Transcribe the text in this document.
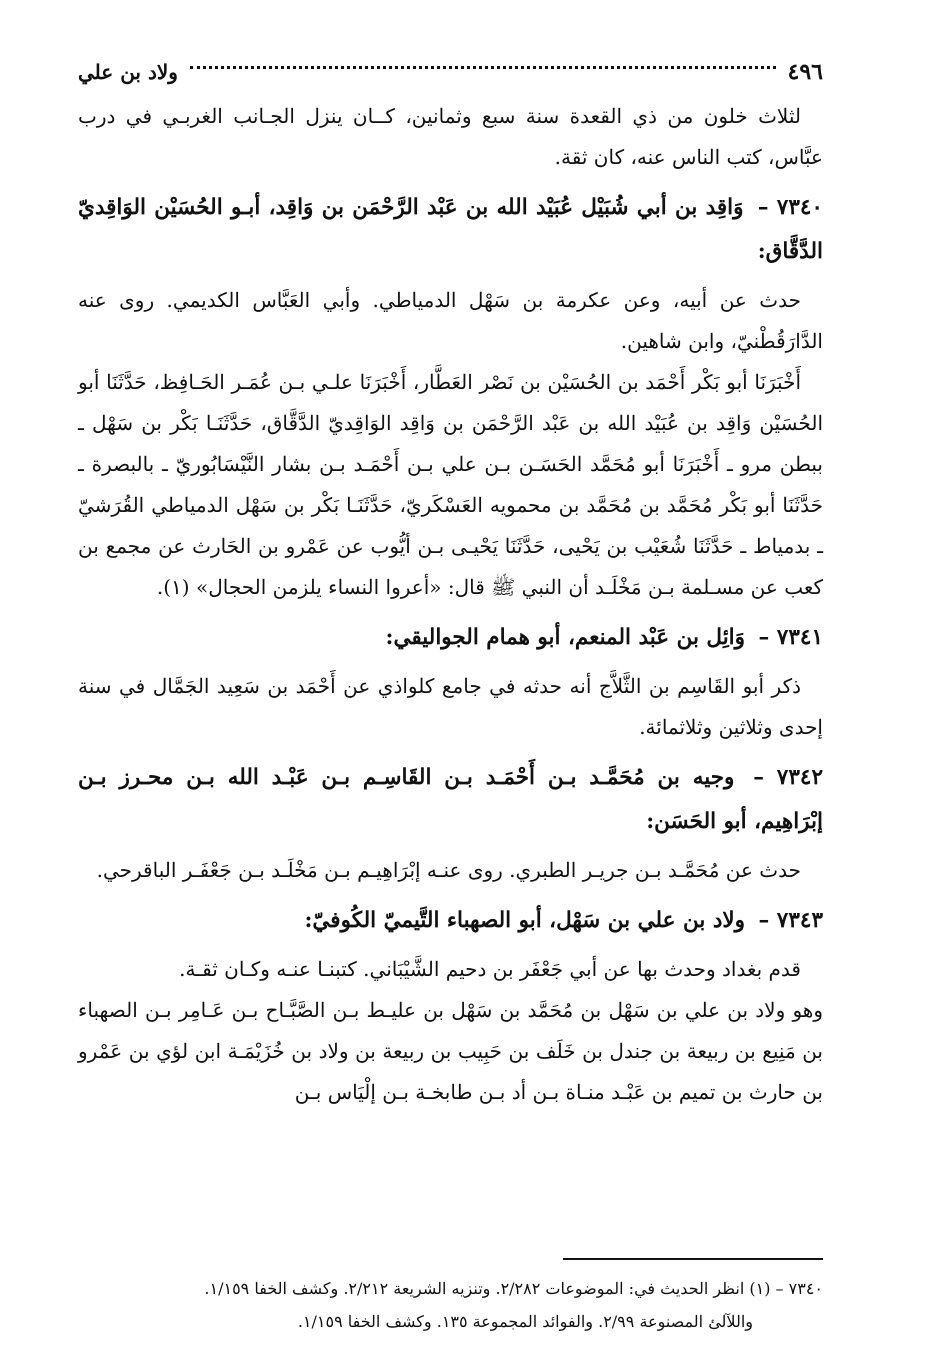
٤٩٦
ولاد بن علي

لثلاث خلون من ذي القعدة سنة سبع وثمانين، كــان ينزل الجـانب الغربـي في درب عبَّاس، كتب الناس عنه، كان ثقة.

٧٣٤٠ – وَاقِد بن أبي شُبَيْل عُبَيْد الله بن عَبْد الرَّحْمَن بن وَاقِد، أبـو الحُسَيْن الوَاقِديّ الدَّقَّاق:

حدث عن أبيه، وعن عكرمة بن سَهْل الدمياطي. وأبي العَبَّاس الكديمي. روى عنه الدَّارَقُطْنيّ، وابن شاهين.

أَخْبَرَنَا أبو بَكْر أَحْمَد بن الحُسَيْن بن نَصْر العَطَّار، أَخْبَرَنَا علـي بـن عُمَـر الحَـافِظ، حَدَّثَنَا أبو الحُسَيْن وَاقِد بن عُبَيْد الله بن عَبْد الرَّحْمَن بن وَاقِد الوَاقِديّ الدَّقَّاق، حَدَّثَنَـا بَكْر بن سَهْل ـ ببطن مرو ـ أَخْبَرَنَا أبو مُحَمَّد الحَسَـن بـن علي بـن أَحْمَـد بـن بشار النَّيْسَابُوريّ ـ بالبصرة ـ حَدَّثَنَا أبو بَكْر مُحَمَّد بن مُحَمَّد بن محمويه العَسْكَريّ، حَدَّثَنَـا بَكْر بن سَهْل الدمياطي القُرَشيّ ـ بدمياط ـ حَدَّثَنَا شُعَيْب بن يَحْيى، حَدَّثَنَا يَحْيـى بـن أيُّوب عن عَمْرو بن الحَارث عن مجمع بن كعب عن مسـلمة بـن مَخْلَـد أن النبي ﷺ قال: «أعروا النساء يلزمن الحجال» (١).

٧٣٤١ – وَائِل بن عَبْد المنعم، أبو همام الجواليقي:

ذكر أبو القَاسِم بن الثَّلاَّج أنه حدثه في جامع كلواذي عن أَحْمَد بن سَعِيد الجَمَّال في سنة إحدى وثلاثين وثلاثمائة.

٧٣٤٢ – وجيه بن مُحَمَّـد بـن أَحْمَـد بـن القَاسِـم بـن عَبْـد الله بـن محـرز بـن إبْرَاهِيم، أبو الحَسَن:

حدث عن مُحَمَّـد بـن جريـر الطبري. روى عنـه إبْرَاهِيـم بـن مَخْلَـد بـن جَعْفَـر الباقرحي.

٧٣٤٣ – ولاد بن علي بن سَهْل، أبو الصهباء التَّيميّ الكُوفيّ:

قدم بغداد وحدث بها عن أبي جَعْفَر بن دحيم الشَّيْبَاني. كتبنـا عنـه وكـان ثقـة.

وهو ولاد بن علي بن سَهْل بن مُحَمَّد بن سَهْل بن عليـط بـن الصَّبَّـاح بـن عَـامِر بـن الصهباء بن مَنِيع بن ربيعة بن جندل بن خَلَف بن حَبِيب بن ربيعة بن ولاد بن خُزَيْمَـة ابن لؤي بن عَمْرو بن حارث بن تميم بن عَبْـد منـاة بـن أد بـن طابخـة بـن إلْيَاس بـن

٧٣٤٠ – (١) انظر الحديث في: الموضوعات ٢/٢٨٢. وتنزيه الشريعة ٢/٢١٢. وكشف الخفا ١/١٥٩.

واللآلئ المصنوعة ٢/٩٩. والفوائد المجموعة ١٣٥. وكشف الخفا ١/١٥٩.
